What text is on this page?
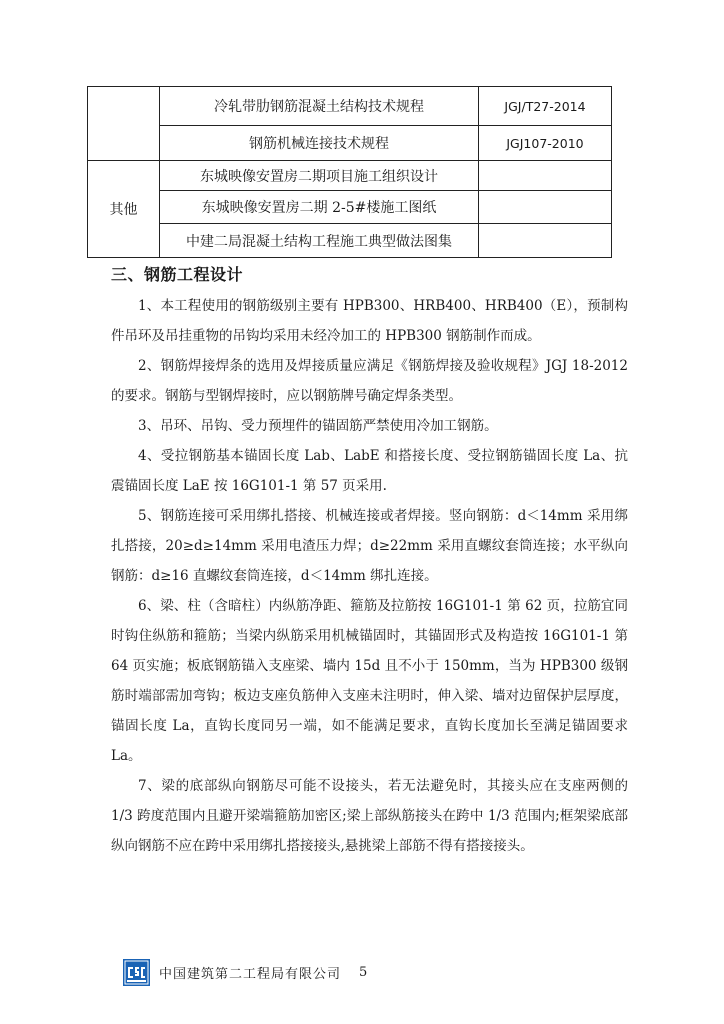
	冷轧带肋钢筋混凝土结构技术规程	JGJ/T27-2014
	钢筋机械连接技术规程	JGJ107-2010
其他	东城映像安置房二期项目施工组织设计	
	东城映像安置房二期 2-5#楼施工图纸	
	中建二局混凝土结构工程施工典型做法图集	
三、钢筋工程设计

1、本工程使用的钢筋级别主要有 HPB300、HRB400、HRB400（E），预制构件吊环及吊挂重物的吊钩均采用未经冷加工的 HPB300 钢筋制作而成。

2、钢筋焊接焊条的选用及焊接质量应满足《钢筋焊接及验收规程》JGJ 18-2012 的要求。钢筋与型钢焊接时，应以钢筋牌号确定焊条类型。

3、吊环、吊钩、受力预埋件的锚固筋严禁使用冷加工钢筋。

4、受拉钢筋基本锚固长度 Lab、LabE 和搭接长度、受拉钢筋锚固长度 La、抗震锚固长度 LaE 按 16G101-1 第 57 页采用.

5、钢筋连接可采用绑扎搭接、机械连接或者焊接。竖向钢筋：d＜14mm 采用绑扎搭接，20≥d≥14mm 采用电渣压力焊；d≥22mm 采用直螺纹套筒连接；水平纵向钢筋：d≥16 直螺纹套筒连接，d＜14mm 绑扎连接。

6、梁、柱（含暗柱）内纵筋净距、箍筋及拉筋按 16G101-1 第 62 页，拉筋宜同时钩住纵筋和箍筋；当梁内纵筋采用机械锚固时，其锚固形式及构造按 16G101-1 第 64 页实施；板底钢筋锚入支座梁、墙内 15d 且不小于 150mm，当为 HPB300 级钢筋时端部需加弯钩；板边支座负筋伸入支座未注明时，伸入梁、墙对边留保护层厚度，锚固长度 La，直钩长度同另一端，如不能满足要求，直钩长度加长至满足锚固要求 La。

7、梁的底部纵向钢筋尽可能不设接头，若无法避免时，其接头应在支座两侧的 1/3 跨度范围内且避开梁端箍筋加密区;梁上部纵筋接头在跨中 1/3 范围内;框架梁底部纵向钢筋不应在跨中采用绑扎搭接接头,悬挑梁上部筋不得有搭接接头。

中国建筑第二工程局有限公司 5
